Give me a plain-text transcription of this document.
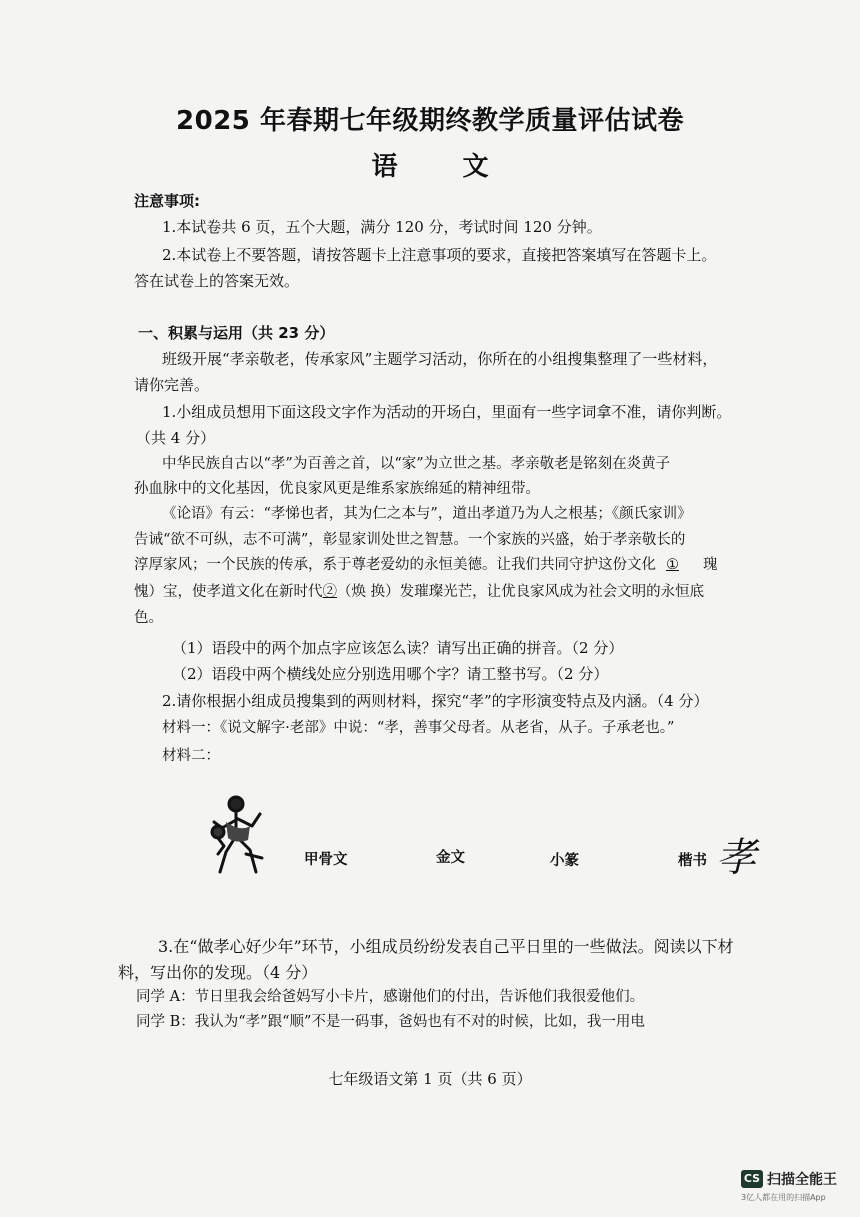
2025 年春期七年级期终教学质量评估试卷
语 文
注意事项:
1.本试卷共 6 页，五个大题，满分 120 分，考试时间 120 分钟。
2.本试卷上不要答题，请按答题卡上注意事项的要求，直接把答案填写在答题卡上。
答在试卷上的答案无效。
一、积累与运用（共 23 分）
班级开展“孝亲敬老，传承家风”主题学习活动，你所在的小组搜集整理了一些材料，
请你完善。
1.小组成员想用下面这段文字作为活动的开场白，里面有一些字词拿不准，请你判断。
（共 4 分）
中华民族自古以“孝”为百善之首，以“家”为立世之基。孝亲敬老是铭刻在炎黄子
孙血脉中的文化基因，优良家风更是维系家族绵延的精神纽带。
《论语》有云：“孝悌也者，其为仁之本与”，道出孝道乃为人之根基；《颜氏家训》
告诫“欲不可纵，志不可满”，彰显家训处世之智慧。一个家族的兴盛，始于孝亲敬长的
淳厚家风；一个民族的传承，系于尊老爱幼的永恒美德。让我们共同守护这份文化 ① 瑰
愧）宝，使孝道文化在新时代②（焕 换）发璀璨光芒，让优良家风成为社会文明的永恒底
色。
（1）语段中的两个加点字应该怎么读？请写出正确的拼音。（2 分）
（2）语段中两个横线处应分别选用哪个字？请工整书写。（2 分）
2.请你根据小组成员搜集到的两则材料，探究“孝”的字形演变特点及内涵。（4 分）
材料一：《说文解字·老部》中说：“孝，善事父母者。从老省，从子。子承老也。”
材料二：
甲骨文	金文	小篆	楷书 孝
3.在“做孝心好少年”环节，小组成员纷纷发表自己平日里的一些做法。阅读以下材
料，写出你的发现。（4 分）
同学 A：节日里我会给爸妈写小卡片，感谢他们的付出，告诉他们我很爱他们。
同学 B：我认为“孝”跟“顺”不是一码事，爸妈也有不对的时候，比如，我一用电
七年级语文第 1 页（共 6 页）
CS 扫描全能王
3亿人都在用的扫描App
